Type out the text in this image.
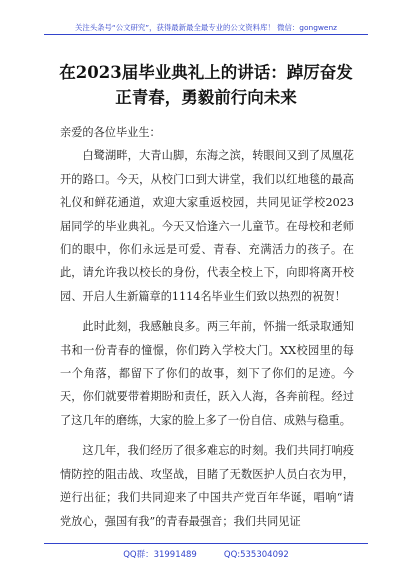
关注头条号“公文研究”，获得最新最全最专业的公文资料库！ 微信：gongwenz
在2023届毕业典礼上的讲话：踔厉奋发
正青春，勇毅前行向未来

亲爱的各位毕业生：

白鹭湖畔，大青山脚，东海之滨，转眼间又到了凤凰花开的路口。今天，从校门口到大讲堂，我们以红地毯的最高礼仪和鲜花通道，欢迎大家重返校园，共同见证学校2023届同学的毕业典礼。今天又恰逢六一儿童节。在母校和老师们的眼中，你们永远是可爱、青春、充满活力的孩子。在此，请允许我以校长的身份，代表全校上下，向即将离开校园、开启人生新篇章的1114名毕业生们致以热烈的祝贺！

此时此刻，我感触良多。两三年前，怀揣一纸录取通知书和一份青春的憧憬，你们跨入学校大门。XX校园里的每一个角落，都留下了你们的故事，刻下了你们的足迹。今天，你们就要带着期盼和责任，跃入人海，各奔前程。经过了这几年的磨练，大家的脸上多了一份自信、成熟与稳重。

这几年，我们经历了很多难忘的时刻。我们共同打响疫情防控的阻击战、攻坚战，目睹了无数医护人员白衣为甲，逆行出征；我们共同迎来了中国共产党百年华诞，唱响“请党放心，强国有我”的青春最强音；我们共同见证

QQ群：31991489	QQ:535304092
